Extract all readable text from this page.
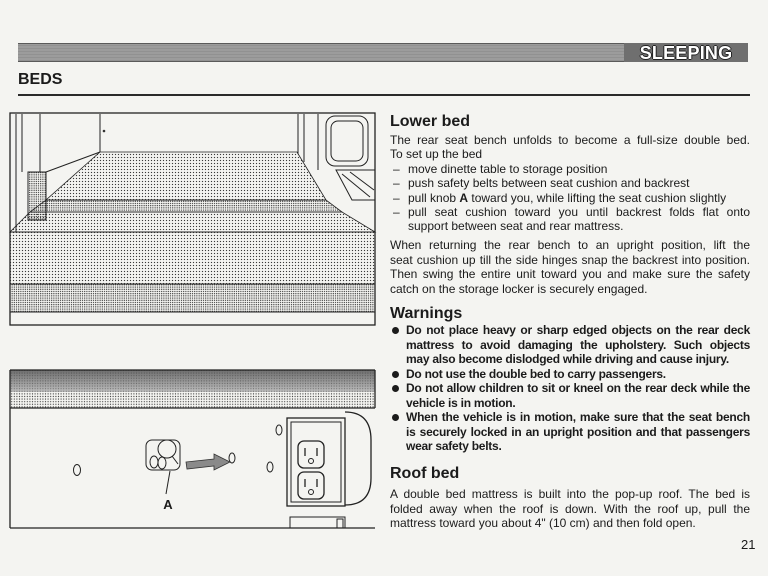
SLEEPING
BEDS
A
Lower bed
The rear seat bench unfolds to become a full-size double bed.
To set up the bed
– move dinette table to storage position
– push safety belts between seat cushion and backrest
– pull knob A toward you, while lifting the seat cushion slightly
– pull seat cushion toward you until backrest folds flat onto
support between seat and rear mattress.
When returning the rear bench to an upright position, lift the
seat cushion up till the side hinges snap the backrest into position.
Then swing the entire unit toward you and make sure the safety
catch on the storage locker is securely engaged.
Warnings
Do not place heavy or sharp edged objects on the rear deck
mattress to avoid damaging the upholstery. Such objects
may also become dislodged while driving and cause injury.
Do not use the double bed to carry passengers.
Do not allow children to sit or kneel on the rear deck while the
vehicle is in motion.
When the vehicle is in motion, make sure that the seat bench
is securely locked in an upright position and that passengers
wear safety belts.
Roof bed
A double bed mattress is built into the pop-up roof. The bed is
folded away when the roof is down. With the roof up, pull the
mattress toward you about 4" (10 cm) and then fold open.
21
